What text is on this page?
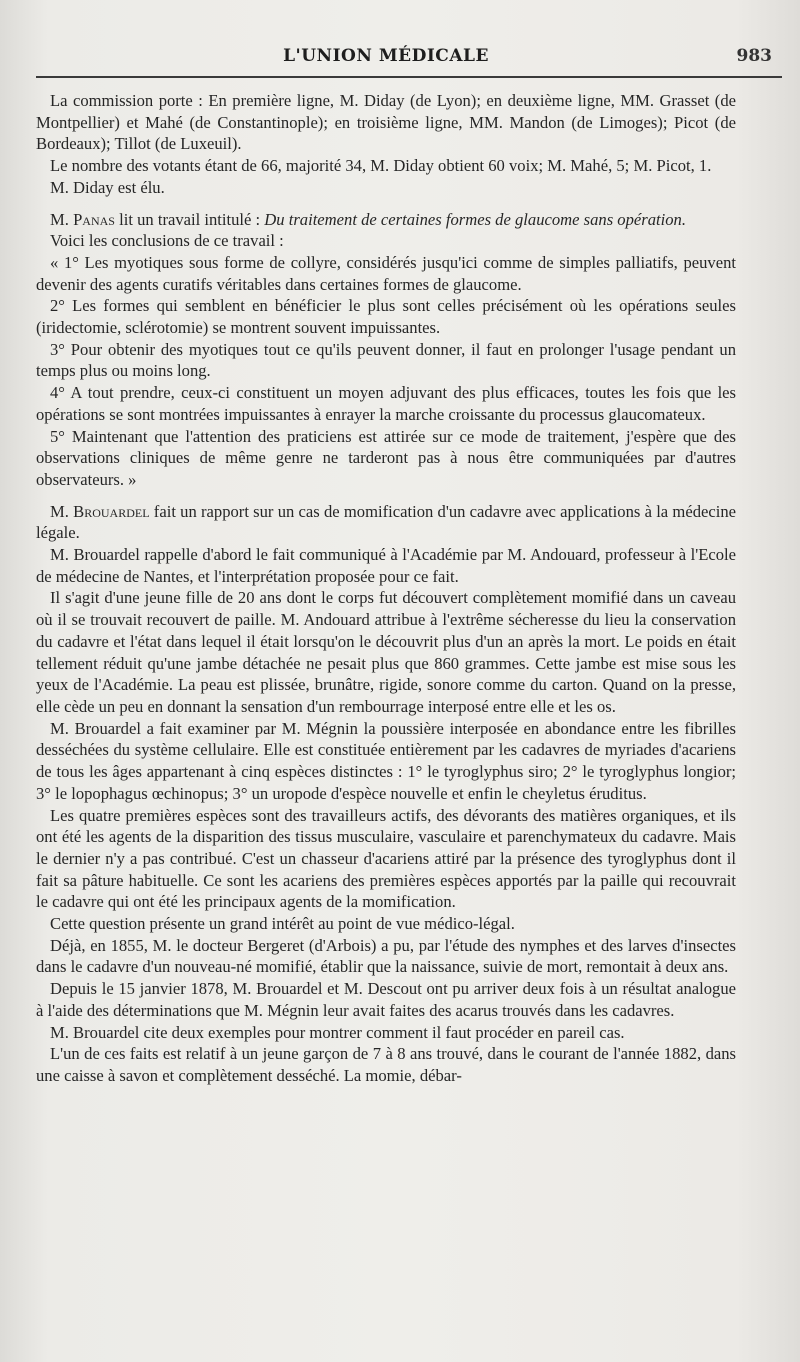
L'UNION MÉDICALE	983

La commission porte : En première ligne, M. Diday (de Lyon); en deuxième ligne, MM. Grasset (de Montpellier) et Mahé (de Constantinople); en troisième ligne, MM. Mandon (de Limoges); Picot (de Bordeaux); Tillot (de Luxeuil).

Le nombre des votants étant de 66, majorité 34, M. Diday obtient 60 voix; M. Mahé, 5; M. Picot, 1.

M. Diday est élu.

M. Panas lit un travail intitulé : Du traitement de certaines formes de glaucome sans opération.

Voici les conclusions de ce travail :

« 1° Les myotiques sous forme de collyre, considérés jusqu'ici comme de simples palliatifs, peuvent devenir des agents curatifs véritables dans certaines formes de glaucome.

2° Les formes qui semblent en bénéficier le plus sont celles précisément où les opérations seules (iridectomie, sclérotomie) se montrent souvent impuissantes.

3° Pour obtenir des myotiques tout ce qu'ils peuvent donner, il faut en prolonger l'usage pendant un temps plus ou moins long.

4° A tout prendre, ceux-ci constituent un moyen adjuvant des plus efficaces, toutes les fois que les opérations se sont montrées impuissantes à enrayer la marche croissante du processus glaucomateux.

5° Maintenant que l'attention des praticiens est attirée sur ce mode de traitement, j'espère que des observations cliniques de même genre ne tarderont pas à nous être communiquées par d'autres observateurs. »

M. Brouardel fait un rapport sur un cas de momification d'un cadavre avec applications à la médecine légale.

M. Brouardel rappelle d'abord le fait communiqué à l'Académie par M. Andouard, professeur à l'Ecole de médecine de Nantes, et l'interprétation proposée pour ce fait.

Il s'agit d'une jeune fille de 20 ans dont le corps fut découvert complètement momifié dans un caveau où il se trouvait recouvert de paille. M. Andouard attribue à l'extrême sécheresse du lieu la conservation du cadavre et l'état dans lequel il était lorsqu'on le découvrit plus d'un an après la mort. Le poids en était tellement réduit qu'une jambe détachée ne pesait plus que 860 grammes. Cette jambe est mise sous les yeux de l'Académie. La peau est plissée, brunâtre, rigide, sonore comme du carton. Quand on la presse, elle cède un peu en donnant la sensation d'un rembourrage interposé entre elle et les os.

M. Brouardel a fait examiner par M. Mégnin la poussière interposée en abondance entre les fibrilles desséchées du système cellulaire. Elle est constituée entièrement par les cadavres de myriades d'acariens de tous les âges appartenant à cinq espèces distinctes : 1° le tyroglyphus siro; 2° le tyroglyphus longior; 3° le lopophagus œchinopus; 3° un uropode d'espèce nouvelle et enfin le cheyletus éruditus.

Les quatre premières espèces sont des travailleurs actifs, des dévorants des matières organiques, et ils ont été les agents de la disparition des tissus musculaire, vasculaire et parenchymateux du cadavre. Mais le dernier n'y a pas contribué. C'est un chasseur d'acariens attiré par la présence des tyroglyphus dont il fait sa pâture habituelle. Ce sont les acariens des premières espèces apportés par la paille qui recouvrait le cadavre qui ont été les principaux agents de la momification.

Cette question présente un grand intérêt au point de vue médico-légal.

Déjà, en 1855, M. le docteur Bergeret (d'Arbois) a pu, par l'étude des nymphes et des larves d'insectes dans le cadavre d'un nouveau-né momifié, établir que la naissance, suivie de mort, remontait à deux ans.

Depuis le 15 janvier 1878, M. Brouardel et M. Descout ont pu arriver deux fois à un résultat analogue à l'aide des déterminations que M. Mégnin leur avait faites des acarus trouvés dans les cadavres.

M. Brouardel cite deux exemples pour montrer comment il faut procéder en pareil cas.

L'un de ces faits est relatif à un jeune garçon de 7 à 8 ans trouvé, dans le courant de l'année 1882, dans une caisse à savon et complètement desséché. La momie, débar-
